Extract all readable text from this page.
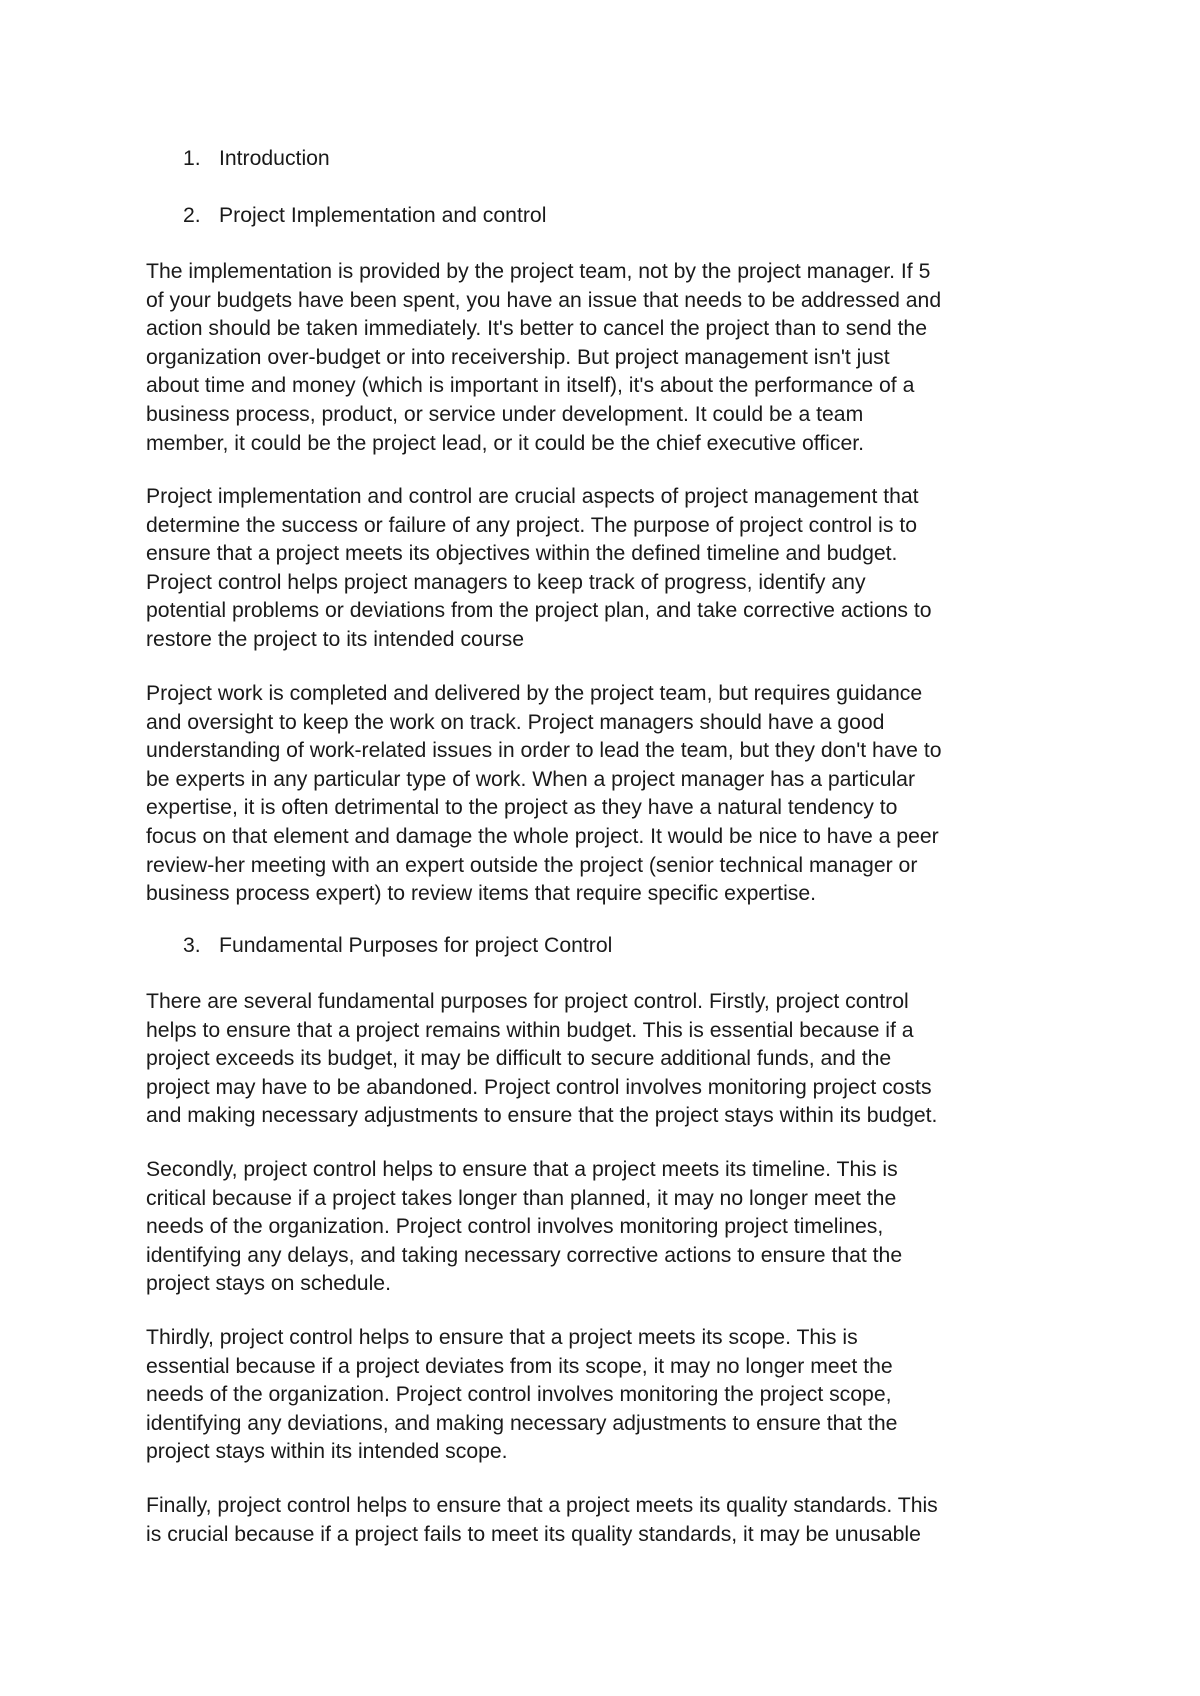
1. Introduction
2. Project Implementation and control
The implementation is provided by the project team, not by the project manager. If 5
of your budgets have been spent, you have an issue that needs to be addressed and
action should be taken immediately. It's better to cancel the project than to send the
organization over-budget or into receivership. But project management isn't just
about time and money (which is important in itself), it's about the performance of a
business process, product, or service under development. It could be a team
member, it could be the project lead, or it could be the chief executive officer.
Project implementation and control are crucial aspects of project management that
determine the success or failure of any project. The purpose of project control is to
ensure that a project meets its objectives within the defined timeline and budget.
Project control helps project managers to keep track of progress, identify any
potential problems or deviations from the project plan, and take corrective actions to
restore the project to its intended course
Project work is completed and delivered by the project team, but requires guidance
and oversight to keep the work on track. Project managers should have a good
understanding of work-related issues in order to lead the team, but they don't have to
be experts in any particular type of work. When a project manager has a particular
expertise, it is often detrimental to the project as they have a natural tendency to
focus on that element and damage the whole project. It would be nice to have a peer
review-her meeting with an expert outside the project (senior technical manager or
business process expert) to review items that require specific expertise.
3. Fundamental Purposes for project Control
There are several fundamental purposes for project control. Firstly, project control
helps to ensure that a project remains within budget. This is essential because if a
project exceeds its budget, it may be difficult to secure additional funds, and the
project may have to be abandoned. Project control involves monitoring project costs
and making necessary adjustments to ensure that the project stays within its budget.
Secondly, project control helps to ensure that a project meets its timeline. This is
critical because if a project takes longer than planned, it may no longer meet the
needs of the organization. Project control involves monitoring project timelines,
identifying any delays, and taking necessary corrective actions to ensure that the
project stays on schedule.
Thirdly, project control helps to ensure that a project meets its scope. This is
essential because if a project deviates from its scope, it may no longer meet the
needs of the organization. Project control involves monitoring the project scope,
identifying any deviations, and making necessary adjustments to ensure that the
project stays within its intended scope.
Finally, project control helps to ensure that a project meets its quality standards. This
is crucial because if a project fails to meet its quality standards, it may be unusable
